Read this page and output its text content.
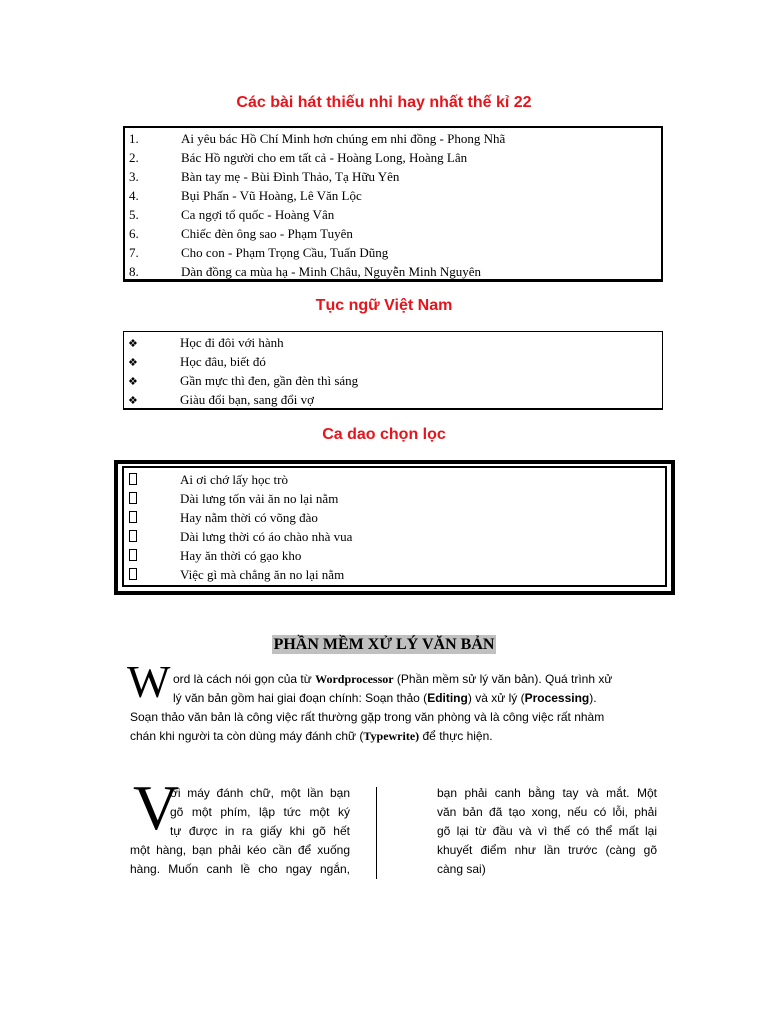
Các bài hát thiếu nhi hay nhất thế kỉ 22
1.	Ai yêu bác Hồ Chí Minh hơn chúng em nhi đồng - Phong Nhã
2.	Bác Hồ người cho em tất cả - Hoàng Long, Hoàng Lân
3.	Bàn tay mẹ - Bùi Đình Thảo, Tạ Hữu Yên
4.	Bụi Phấn - Vũ Hoàng, Lê Văn Lộc
5.	Ca ngợi tổ quốc - Hoàng Vân
6.	Chiếc đèn ông sao - Phạm Tuyên
7.	Cho con - Phạm Trọng Cầu, Tuấn Dũng
8.	Dàn đồng ca mùa hạ - Minh Châu, Nguyễn Minh Nguyên
Tục ngữ Việt Nam
❖	Học đi đôi với hành
❖	Học đâu, biết đó
❖	Gần mực thì đen, gần đèn thì sáng
❖	Giàu đổi bạn, sang đổi vợ
Ca dao chọn lọc
Ai ơi chớ lấy học trò
Dài lưng tốn vải ăn no lại nằm
Hay nằm thời có võng đào
Dài lưng thời có áo chào nhà vua
Hay ăn thời có gạo kho
Việc gì mà chẳng ăn no lại nằm
PHẦN MỀM XỬ LÝ VĂN BẢN
W ord là cách nói gọn của từ Wordprocessor (Phần mềm sử lý văn bản). Quá trình xử
lý văn bản gồm hai giai đoạn chính: Soạn thảo (Editing) và xử lý (Processing).
Soạn thảo văn bản là công việc rất thường gặp trong văn phòng và là công việc rất nhàm
chán khi người ta còn dùng máy đánh chữ (Typewrite) để thực hiện.
V
ới máy đánh chữ, một lần bạn
gõ một phím, lập tức một ký
tự được in ra giấy khi gõ hết
một hàng, bạn phải kéo cần để xuống
hàng. Muốn canh lề cho ngay ngắn,
bạn phải canh bằng tay và mắt. Một
văn bản đã tạo xong, nếu có lỗi, phải
gõ lại từ đầu và vì thế có thể mất lại
khuyết điểm như lần trước (càng gõ
càng sai)
